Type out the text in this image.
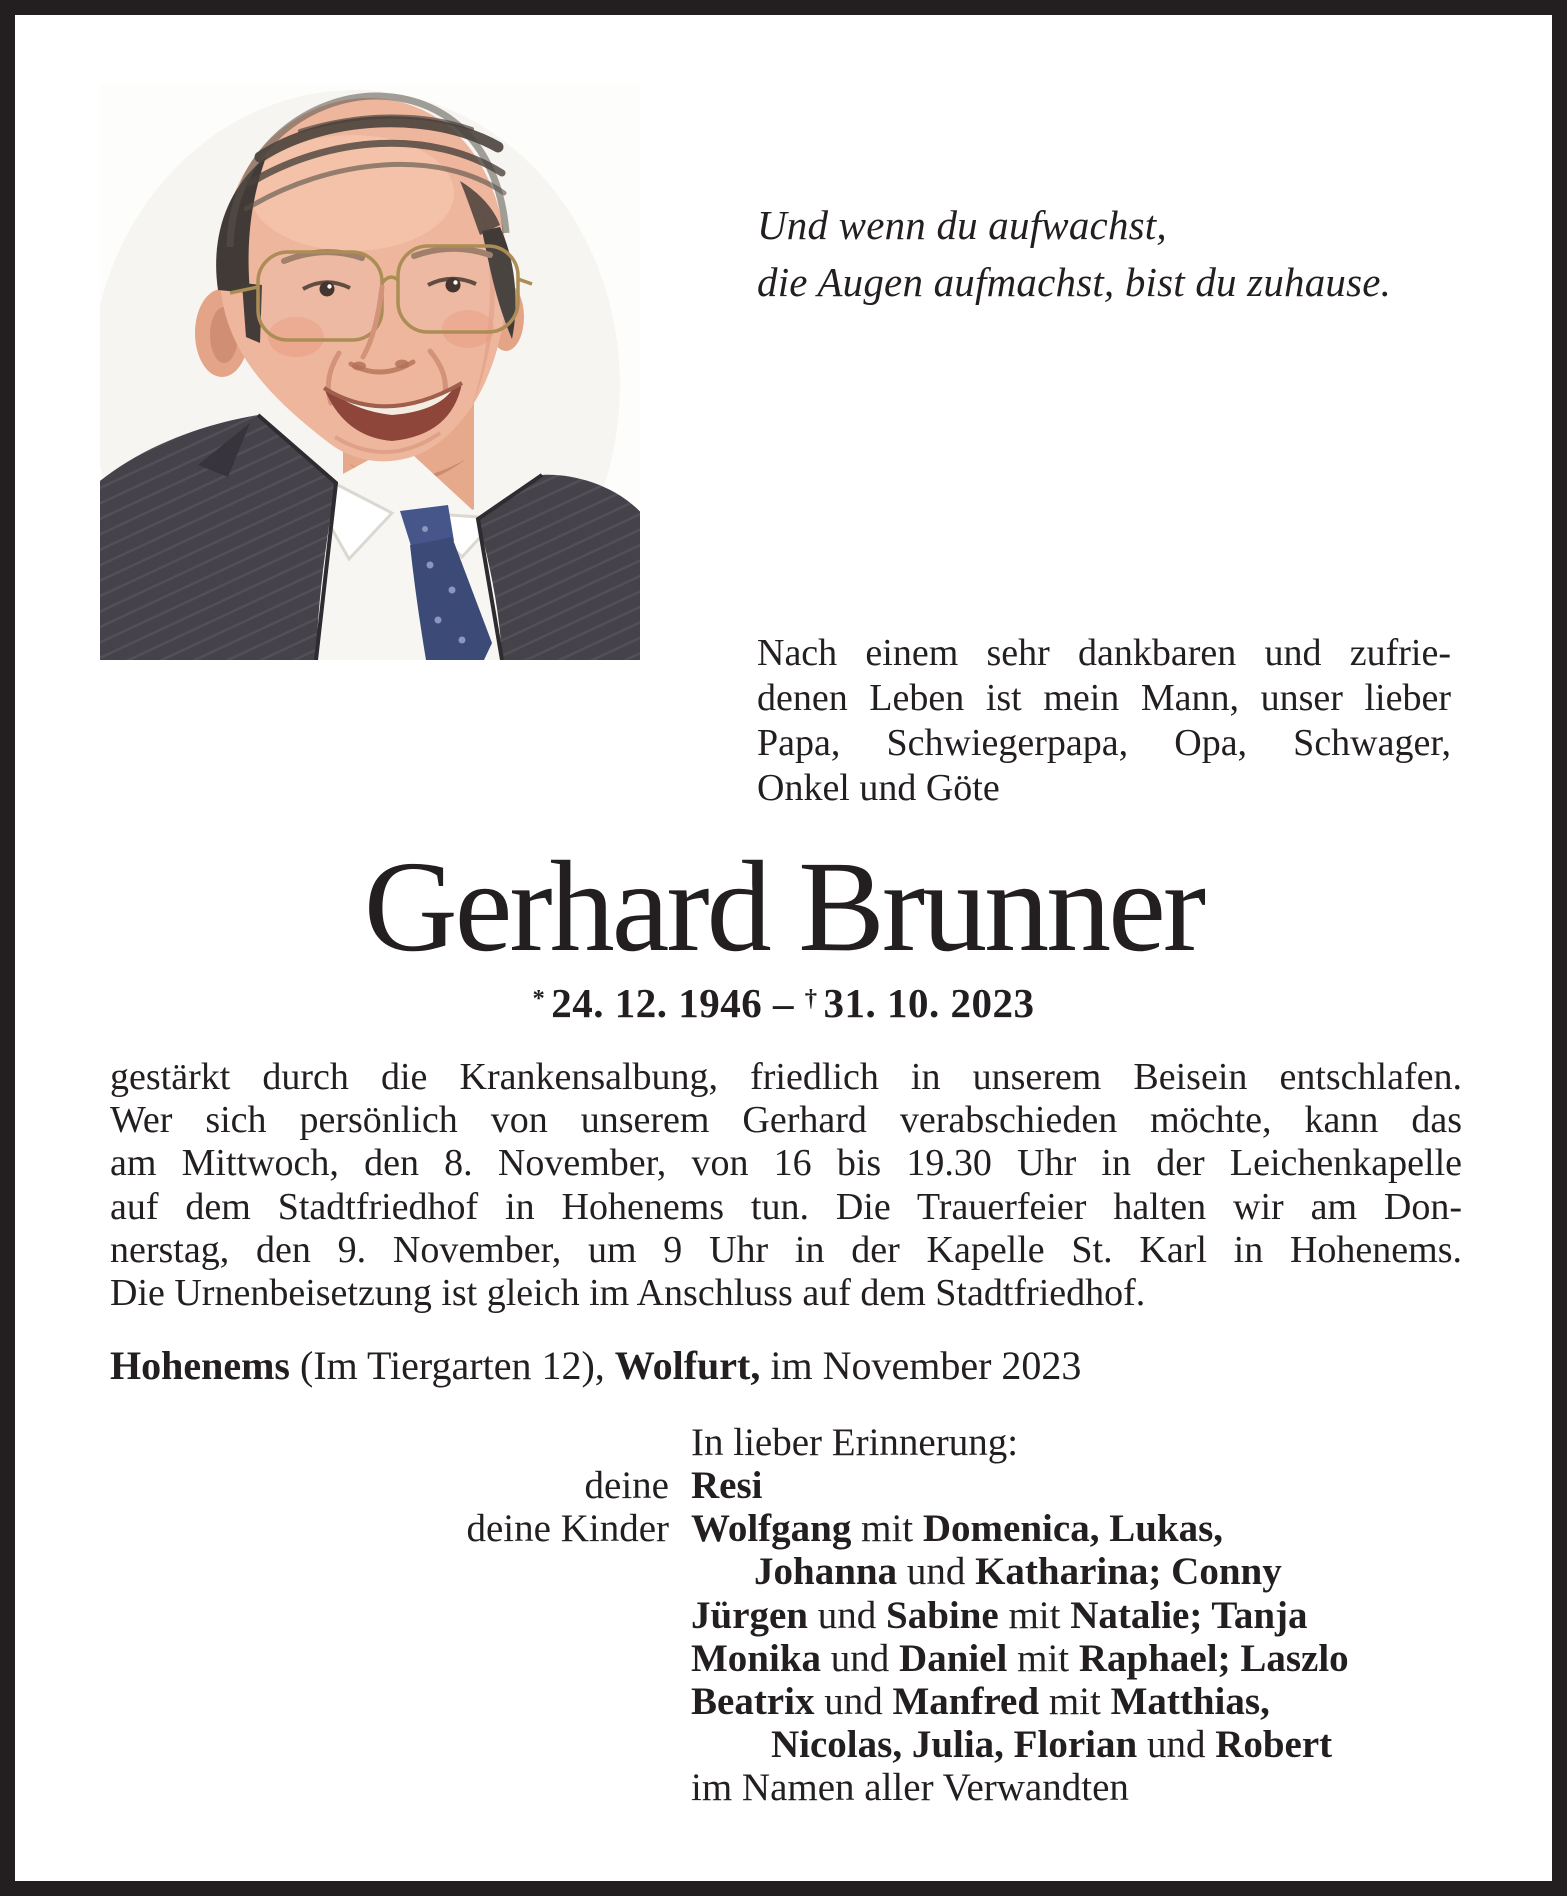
Und wenn du aufwachst,
die Augen aufmachst, bist du zuhause.
Nach einem sehr dankbaren und zufrie-
denen Leben ist mein Mann, unser lieber
Papa, Schwiegerpapa, Opa, Schwager,
Onkel und Göte
Gerhard Brunner
* 24. 12. 1946 – † 31. 10. 2023
gestärkt durch die Krankensalbung, friedlich in unserem Beisein entschlafen.
Wer sich persönlich von unserem Gerhard verabschieden möchte, kann das
am Mittwoch, den 8. November, von 16 bis 19.30 Uhr in der Leichenkapelle
auf dem Stadtfriedhof in Hohenems tun. Die Trauerfeier halten wir am Don-
nerstag, den 9. November, um 9 Uhr in der Kapelle St. Karl in Hohenems.
Die Urnenbeisetzung ist gleich im Anschluss auf dem Stadtfriedhof.
Hohenems (Im Tiergarten 12), Wolfurt, im November 2023
In lieber Erinnerung:
deine Resi
deine Kinder Wolfgang mit Domenica, Lukas,
Johanna und Katharina; Conny
Jürgen und Sabine mit Natalie; Tanja
Monika und Daniel mit Raphael; Laszlo
Beatrix und Manfred mit Matthias,
Nicolas, Julia, Florian und Robert
im Namen aller Verwandten
